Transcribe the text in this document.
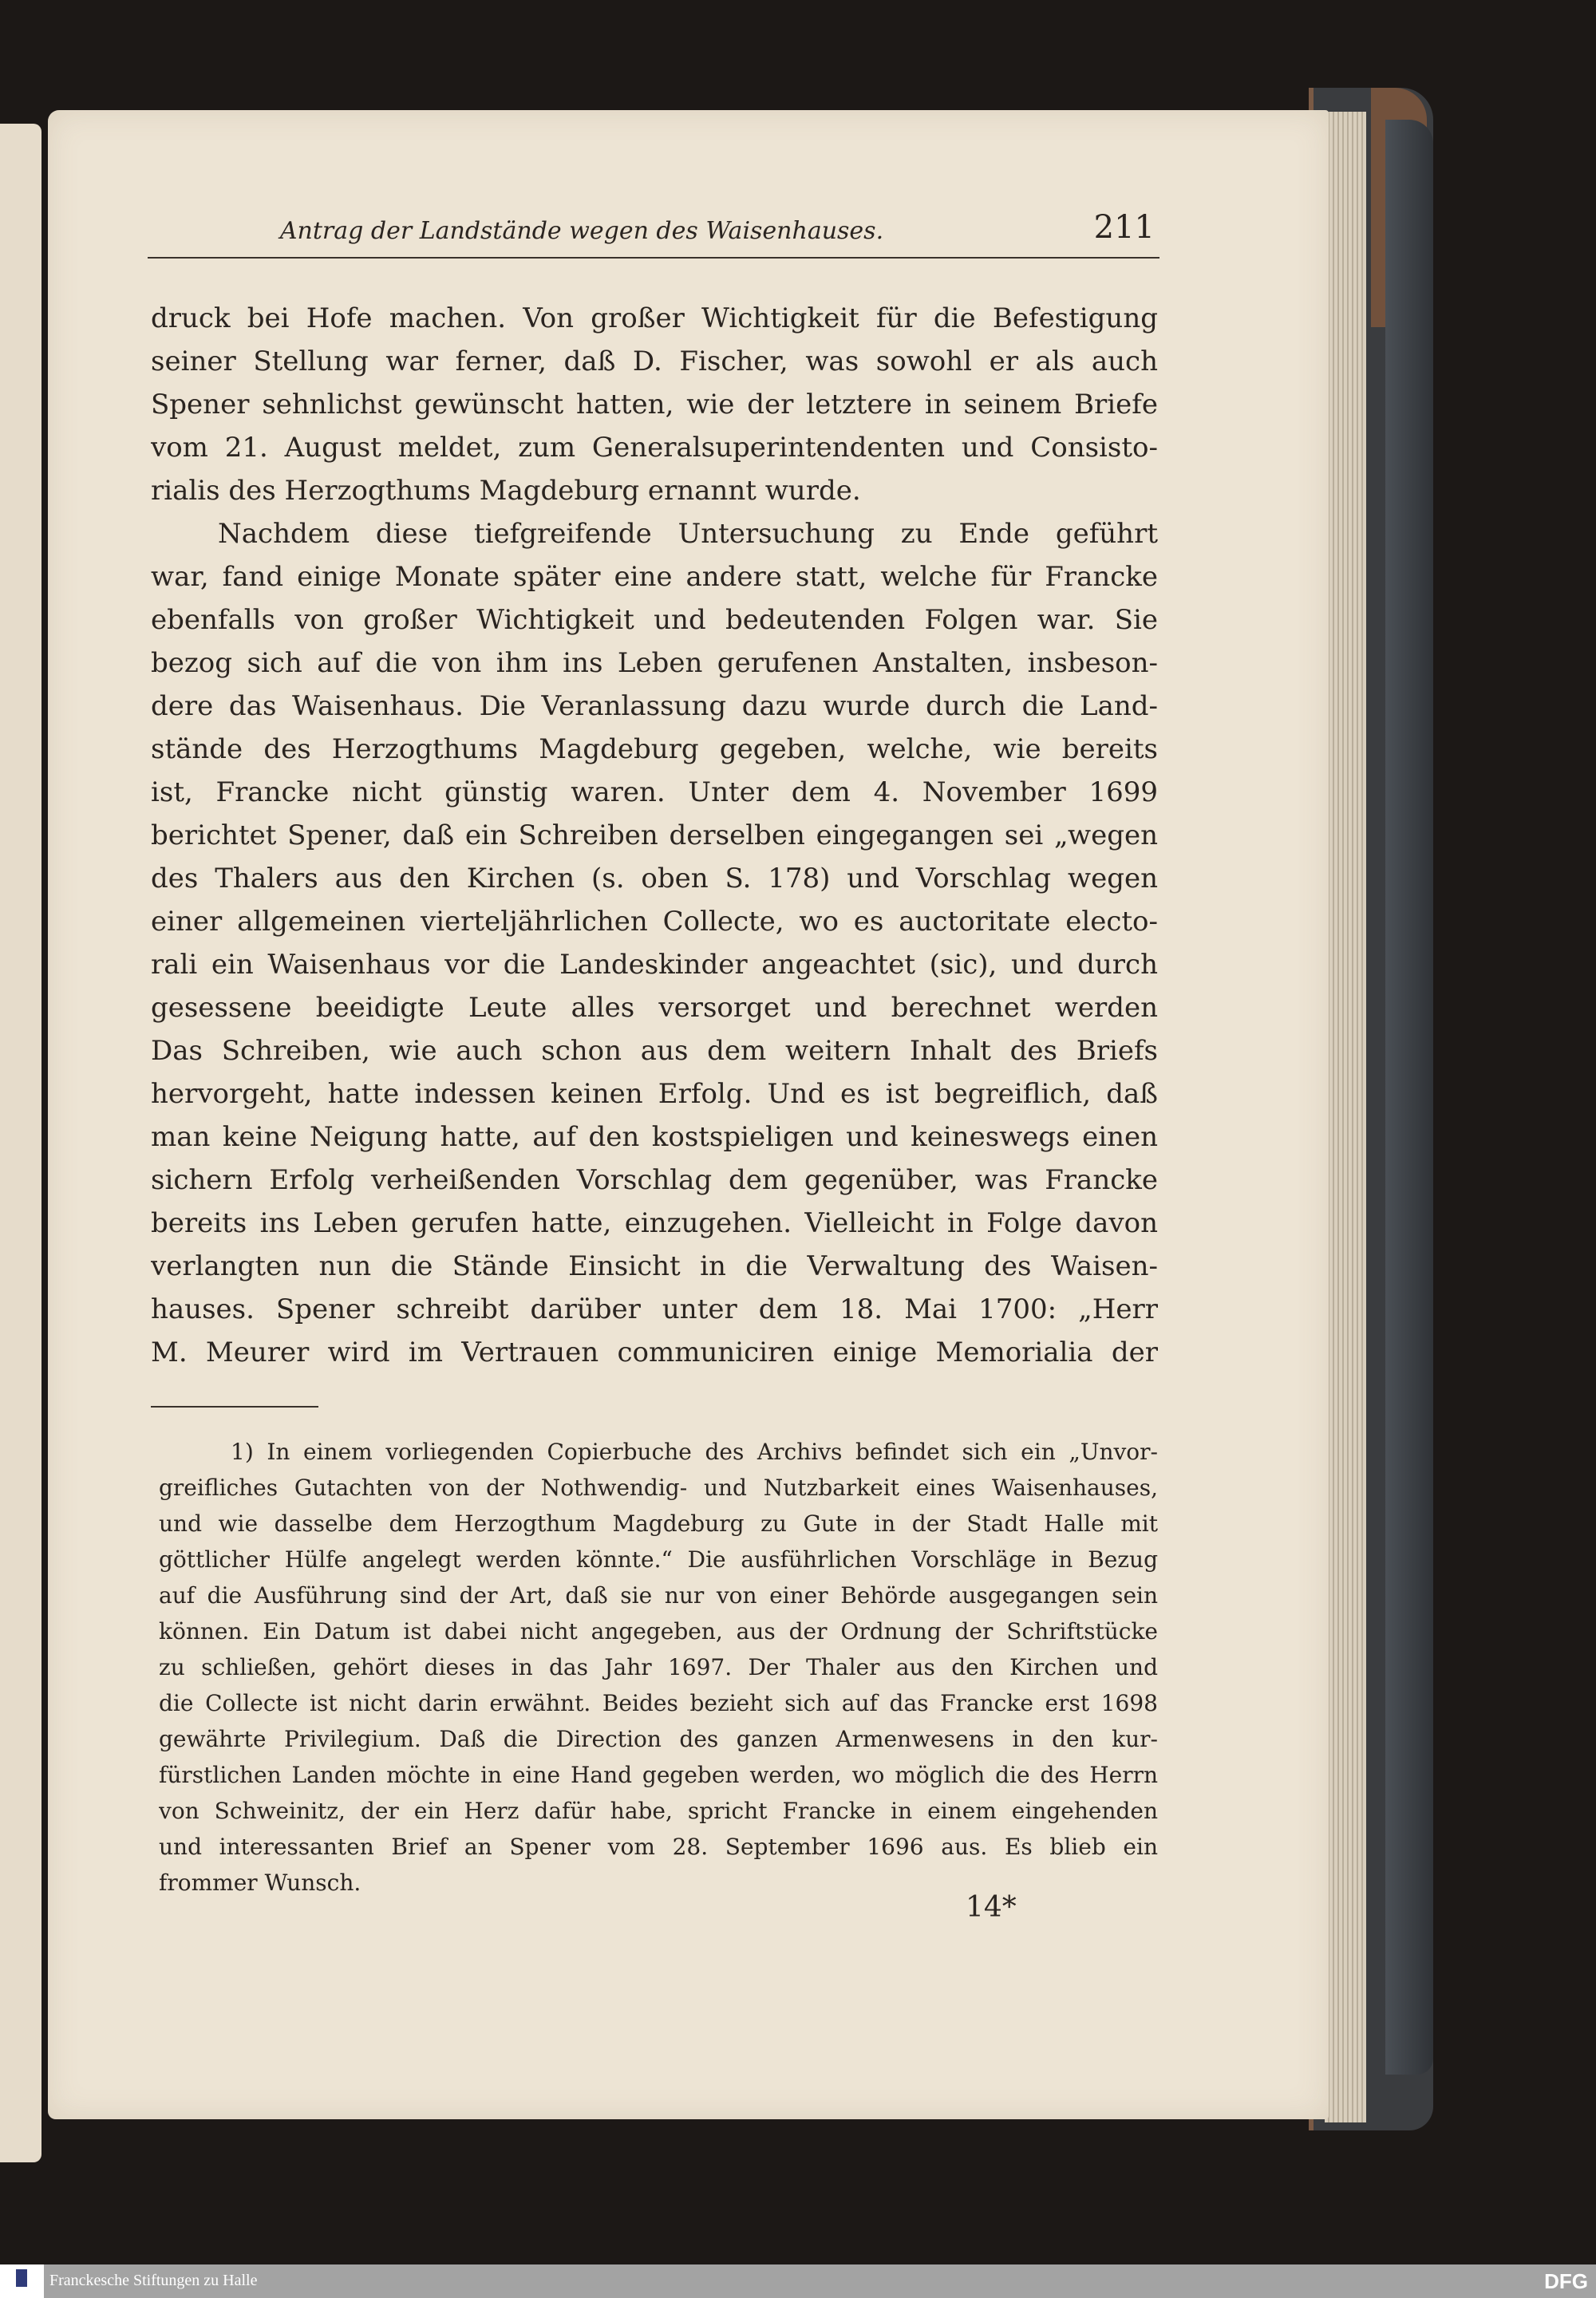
Antrag der Landstände wegen des Waisenhauses.	211
druck bei Hofe machen. Von großer Wichtigkeit für die Befestigung
seiner Stellung war ferner, daß D. Fischer, was sowohl er als auch
Spener sehnlichst gewünscht hatten, wie der letztere in seinem Briefe
vom 21. August meldet, zum Generalsuperintendenten und Consisto-
rialis des Herzogthums Magdeburg ernannt wurde.
Nachdem diese tiefgreifende Untersuchung zu Ende geführt
war, fand einige Monate später eine andere statt, welche für Francke
ebenfalls von großer Wichtigkeit und bedeutenden Folgen war. Sie
bezog sich auf die von ihm ins Leben gerufenen Anstalten, insbeson-
dere das Waisenhaus. Die Veranlassung dazu wurde durch die Land-
stände des Herzogthums Magdeburg gegeben, welche, wie bereits
ist, Francke nicht günstig waren. Unter dem 4. November 1699
berichtet Spener, daß ein Schreiben derselben eingegangen sei „wegen
des Thalers aus den Kirchen (s. oben S. 178) und Vorschlag wegen
einer allgemeinen vierteljährlichen Collecte, wo es auctoritate electo-
rali ein Waisenhaus vor die Landeskinder angeachtet (sic), und durch
gesessene beeidigte Leute alles versorget und berechnet werden
Das Schreiben, wie auch schon aus dem weitern Inhalt des Briefs
hervorgeht, hatte indessen keinen Erfolg. Und es ist begreiflich, daß
man keine Neigung hatte, auf den kostspieligen und keineswegs einen
sichern Erfolg verheißenden Vorschlag dem gegenüber, was Francke
bereits ins Leben gerufen hatte, einzugehen. Vielleicht in Folge davon
verlangten nun die Stände Einsicht in die Verwaltung des Waisen-
hauses. Spener schreibt darüber unter dem 18. Mai 1700: „Herr
M. Meurer wird im Vertrauen communiciren einige Memorialia der
1) In einem vorliegenden Copierbuche des Archivs befindet sich ein „Unvor-
greifliches Gutachten von der Nothwendig- und Nutzbarkeit eines Waisenhauses,
und wie dasselbe dem Herzogthum Magdeburg zu Gute in der Stadt Halle mit
göttlicher Hülfe angelegt werden könnte.“ Die ausführlichen Vorschläge in Bezug
auf die Ausführung sind der Art, daß sie nur von einer Behörde ausgegangen sein
können. Ein Datum ist dabei nicht angegeben, aus der Ordnung der Schriftstücke
zu schließen, gehört dieses in das Jahr 1697. Der Thaler aus den Kirchen und
die Collecte ist nicht darin erwähnt. Beides bezieht sich auf das Francke erst 1698
gewährte Privilegium. Daß die Direction des ganzen Armenwesens in den kur-
fürstlichen Landen möchte in eine Hand gegeben werden, wo möglich die des Herrn
von Schweinitz, der ein Herz dafür habe, spricht Francke in einem eingehenden
und interessanten Brief an Spener vom 28. September 1696 aus. Es blieb ein
frommer Wunsch.
14*
Franckesche Stiftungen zu Halle	DFG
